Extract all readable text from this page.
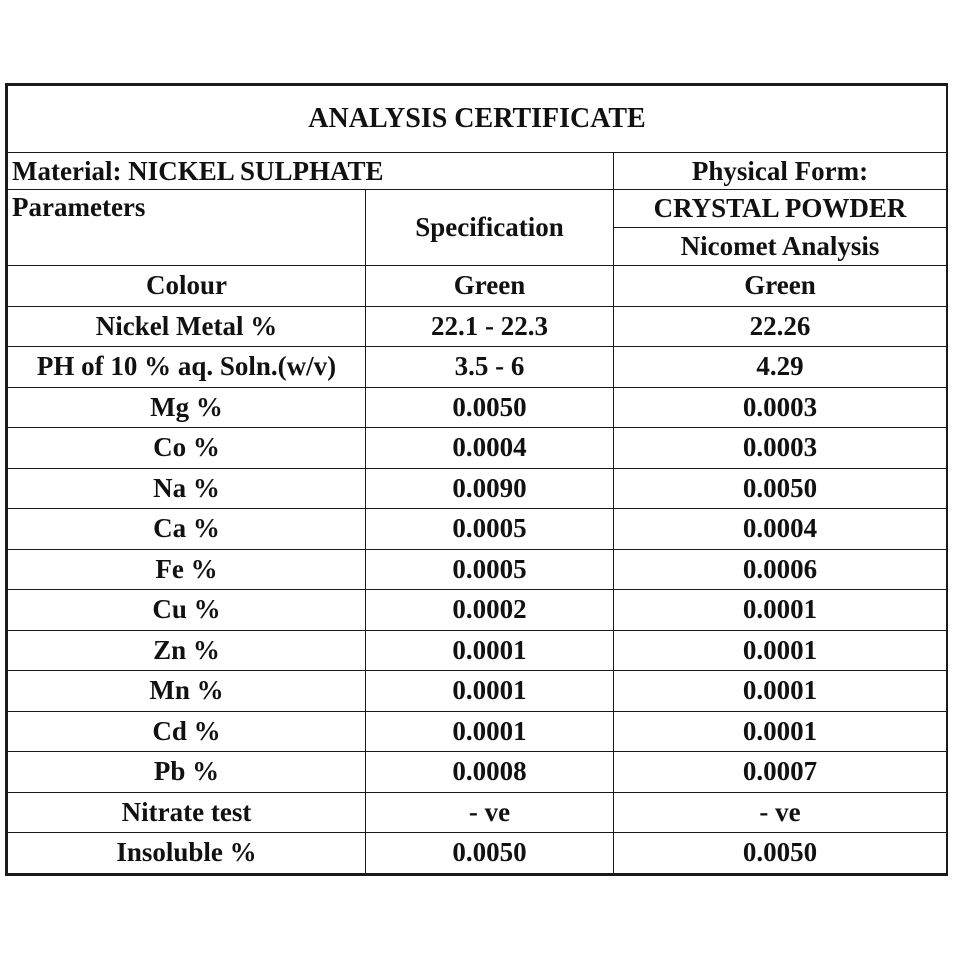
ANALYSIS CERTIFICATE		
Material: NICKEL SULPHATE		Physical Form:
Parameters	Specification	CRYSTAL POWDER
		Nicomet Analysis
Colour	Green	Green
Nickel Metal %	22.1 - 22.3	22.26
PH of 10 % aq. Soln.(w/v)	3.5 - 6	4.29
Mg %	0.0050	0.0003
Co %	0.0004	0.0003
Na %	0.0090	0.0050
Ca %	0.0005	0.0004
Fe %	0.0005	0.0006
Cu %	0.0002	0.0001
Zn %	0.0001	0.0001
Mn %	0.0001	0.0001
Cd %	0.0001	0.0001
Pb %	0.0008	0.0007
Nitrate test	- ve	- ve
Insoluble %	0.0050	0.0050
